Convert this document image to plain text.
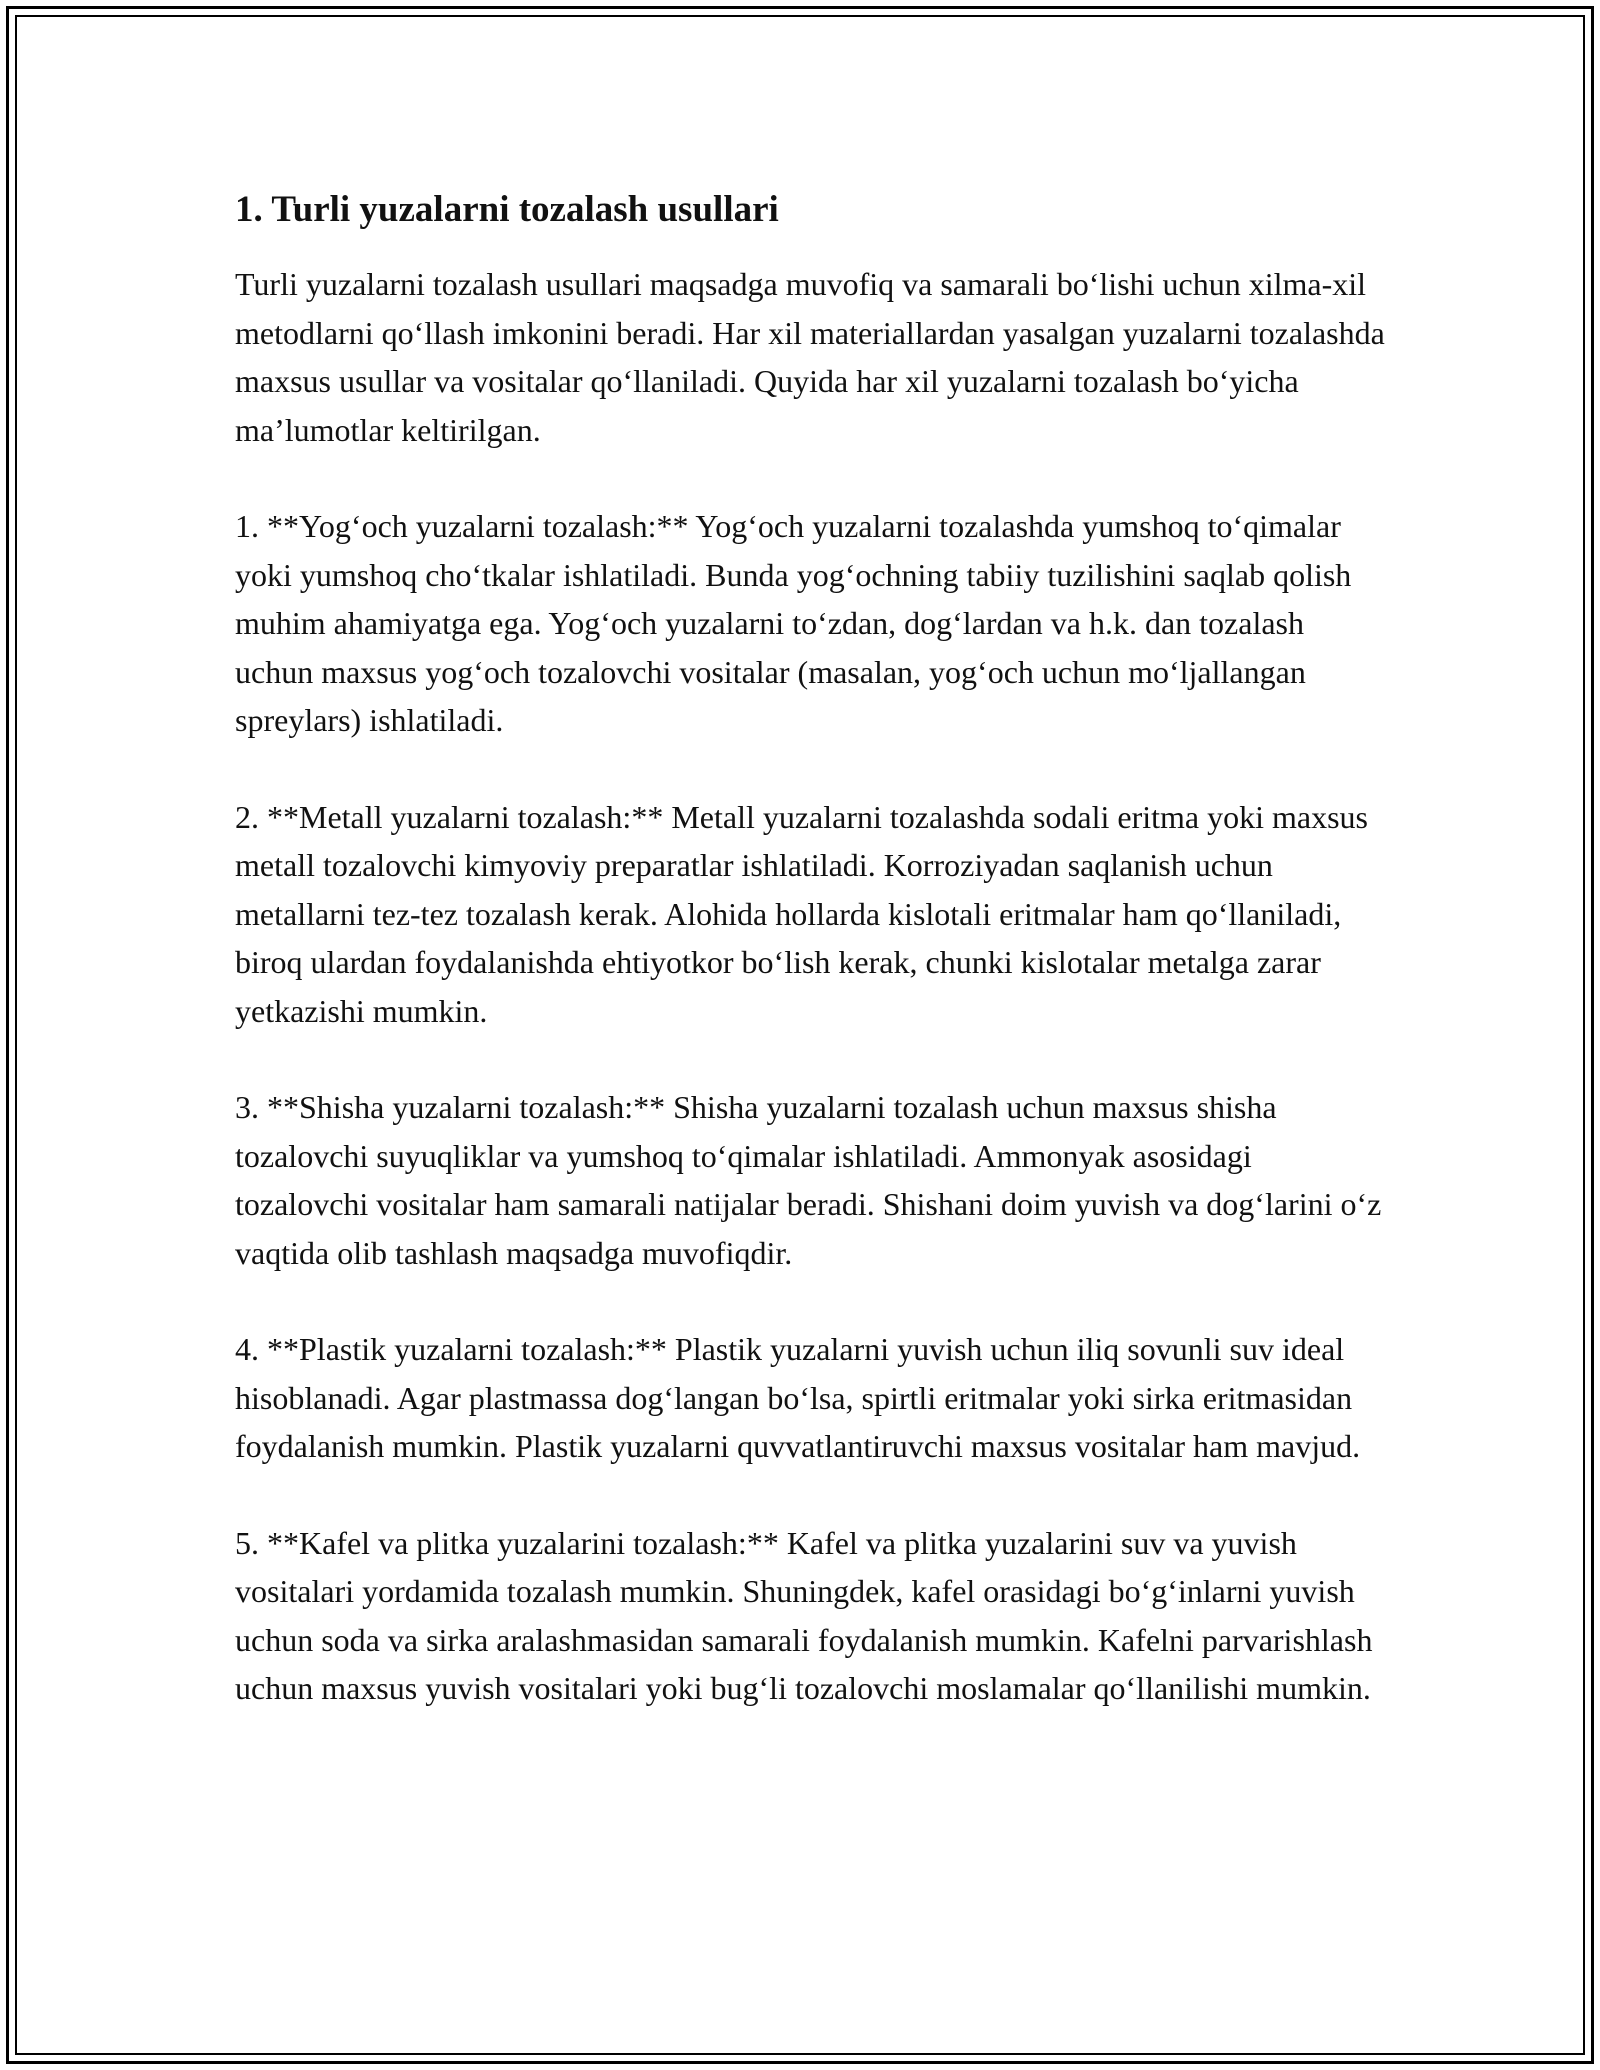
1. Turli yuzalarni tozalash usullari

Turli yuzalarni tozalash usullari maqsadga muvofiq va samarali bo‘lishi uchun xilma-xil metodlarni qo‘llash imkonini beradi. Har xil materiallardan yasalgan yuzalarni tozalashda maxsus usullar va vositalar qo‘llaniladi. Quyida har xil yuzalarni tozalash bo‘yicha ma’lumotlar keltirilgan.

1. **Yog‘och yuzalarni tozalash:** Yog‘och yuzalarni tozalashda yumshoq to‘qimalar yoki yumshoq cho‘tkalar ishlatiladi. Bunda yog‘ochning tabiiy tuzilishini saqlab qolish muhim ahamiyatga ega. Yog‘och yuzalarni to‘zdan, dog‘lardan va h.k. dan tozalash uchun maxsus yog‘och tozalovchi vositalar (masalan, yog‘och uchun mo‘ljallangan spreylars) ishlatiladi.

2. **Metall yuzalarni tozalash:** Metall yuzalarni tozalashda sodali eritma yoki maxsus metall tozalovchi kimyoviy preparatlar ishlatiladi. Korroziyadan saqlanish uchun metallarni tez-tez tozalash kerak. Alohida hollarda kislotali eritmalar ham qo‘llaniladi, biroq ulardan foydalanishda ehtiyotkor bo‘lish kerak, chunki kislotalar metalga zarar yetkazishi mumkin.

3. **Shisha yuzalarni tozalash:** Shisha yuzalarni tozalash uchun maxsus shisha tozalovchi suyuqliklar va yumshoq to‘qimalar ishlatiladi. Ammonyak asosidagi tozalovchi vositalar ham samarali natijalar beradi. Shishani doim yuvish va dog‘larini o‘z vaqtida olib tashlash maqsadga muvofiqdir.

4. **Plastik yuzalarni tozalash:** Plastik yuzalarni yuvish uchun iliq sovunli suv ideal hisoblanadi. Agar plastmassa dog‘langan bo‘lsa, spirtli eritmalar yoki sirka eritmasidan foydalanish mumkin. Plastik yuzalarni quvvatlantiruvchi maxsus vositalar ham mavjud.

5. **Kafel va plitka yuzalarini tozalash:** Kafel va plitka yuzalarini suv va yuvish vositalari yordamida tozalash mumkin. Shuningdek, kafel orasidagi bo‘g‘inlarni yuvish uchun soda va sirka aralashmasidan samarali foydalanish mumkin. Kafelni parvarishlash uchun maxsus yuvish vositalari yoki bug‘li tozalovchi moslamalar qo‘llanilishi mumkin.
